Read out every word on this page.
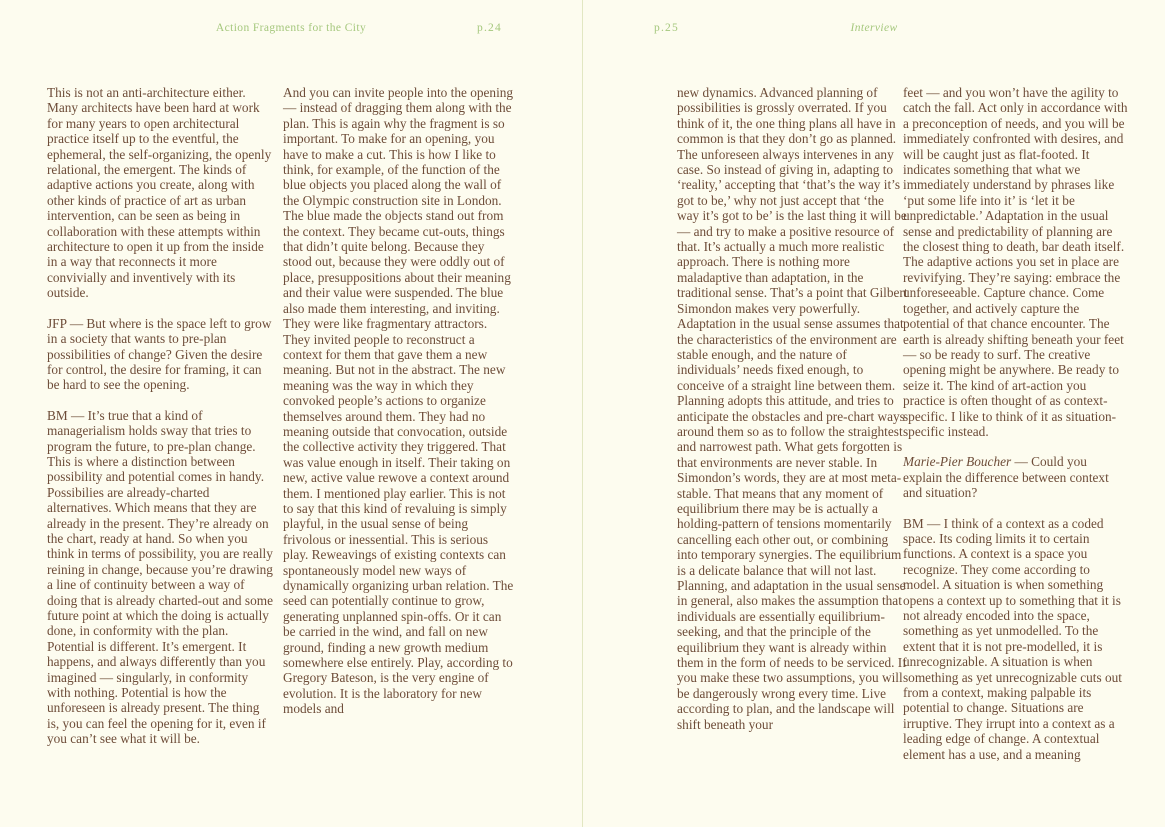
Action Fragments for the City	p.24	p.25	Interview

This is not an anti-architecture either. Many architects have been hard at work for many years to open architectural practice itself up to the eventful, the ephemeral, the self-organizing, the openly relational, the emergent. The kinds of adaptive actions you create, along with other kinds of practice of art as urban intervention, can be seen as being in collaboration with these attempts within architecture to open it up from the inside in a way that reconnects it more convivially and inventively with its outside.

JFP — But where is the space left to grow in a society that wants to pre-plan possibilities of change? Given the desire for control, the desire for framing, it can be hard to see the opening.

BM — It’s true that a kind of managerialism holds sway that tries to program the future, to pre-plan change. This is where a distinction between possibility and potential comes in handy. Possibilies are already-charted alternatives. Which means that they are already in the present. They’re already on the chart, ready at hand. So when you think in terms of possibility, you are really reining in change, because you’re drawing a line of continuity between a way of doing that is already charted-out and some future point at which the doing is actually done, in conformity with the plan. Potential is different. It’s emergent. It happens, and always differently than you imagined — singularly, in conformity with nothing. Potential is how the unforeseen is already present. The thing is, you can feel the opening for it, even if you can’t see what it will be.

And you can invite people into the opening — instead of dragging them along with the plan. This is again why the fragment is so important. To make for an opening, you have to make a cut. This is how I like to think, for example, of the function of the blue objects you placed along the wall of the Olympic construction site in London. The blue made the objects stand out from the context. They became cut-outs, things that didn’t quite belong. Because they stood out, because they were oddly out of place, presuppositions about their meaning and their value were suspended. The blue also made them interesting, and inviting. They were like fragmentary attractors. They invited people to reconstruct a context for them that gave them a new meaning. But not in the abstract. The new meaning was the way in which they convoked people’s actions to organize themselves around them. They had no meaning outside that convocation, outside the collective activity they triggered. That was value enough in itself. Their taking on new, active value rewove a context around them. I mentioned play earlier. This is not to say that this kind of revaluing is simply playful, in the usual sense of being frivolous or inessential. This is serious play. Reweavings of existing contexts can spontaneously model new ways of dynamically organizing urban relation. The seed can potentially continue to grow, generating unplanned spin-offs. Or it can be carried in the wind, and fall on new ground, finding a new growth medium somewhere else entirely. Play, according to Gregory Bateson, is the very engine of evolution. It is the laboratory for new models and

new dynamics. Advanced planning of possibilities is grossly overrated. If you think of it, the one thing plans all have in common is that they don’t go as planned. The unforeseen always intervenes in any case. So instead of giving in, adapting to ‘reality,’ accepting that ‘that’s the way it’s got to be,’ why not just accept that ‘the way it’s got to be’ is the last thing it will be — and try to make a positive resource of that. It’s actually a much more realistic approach. There is nothing more maladaptive than adaptation, in the traditional sense. That’s a point that Gilbert Simondon makes very powerfully. Adaptation in the usual sense assumes that the characteristics of the environment are stable enough, and the nature of individuals’ needs fixed enough, to conceive of a straight line between them. Planning adopts this attitude, and tries to anticipate the obstacles and pre-chart ways around them so as to follow the straightest and narrowest path. What gets forgotten is that environments are never stable. In Simondon’s words, they are at most meta-stable. That means that any moment of equilibrium there may be is actually a holding-pattern of tensions momentarily cancelling each other out, or combining into temporary synergies. The equilibrium is a delicate balance that will not last. Planning, and adaptation in the usual sense in general, also makes the assumption that individuals are essentially equilibrium-seeking, and that the principle of the equilibrium they want is already within them in the form of needs to be serviced. If you make these two assumptions, you will be dangerously wrong every time. Live according to plan, and the landscape will shift beneath your

feet — and you won’t have the agility to catch the fall. Act only in accordance with a preconception of needs, and you will be immediately confronted with desires, and will be caught just as flat-footed. It indicates something that what we immediately understand by phrases like ‘put some life into it’ is ‘let it be unpredictable.’ Adaptation in the usual sense and predictability of planning are the closest thing to death, bar death itself. The adaptive actions you set in place are revivifying. They’re saying: embrace the unforeseeable. Capture chance. Come together, and actively capture the potential of that chance encounter. The earth is already shifting beneath your feet — so be ready to surf. The creative opening might be anywhere. Be ready to seize it. The kind of art-action you practice is often thought of as context-specific. I like to think of it as situation-specific instead.

Marie-Pier Boucher — Could you explain the difference between context and situation?

BM — I think of a context as a coded space. Its coding limits it to certain functions. A context is a space you recognize. They come according to model. A situation is when something opens a context up to something that it is not already encoded into the space, something as yet unmodelled. To the extent that it is not pre-modelled, it is unrecognizable. A situation is when something as yet unrecognizable cuts out from a context, making palpable its potential to change. Situations are irruptive. They irrupt into a context as a leading edge of change. A contextual element has a use, and a meaning
